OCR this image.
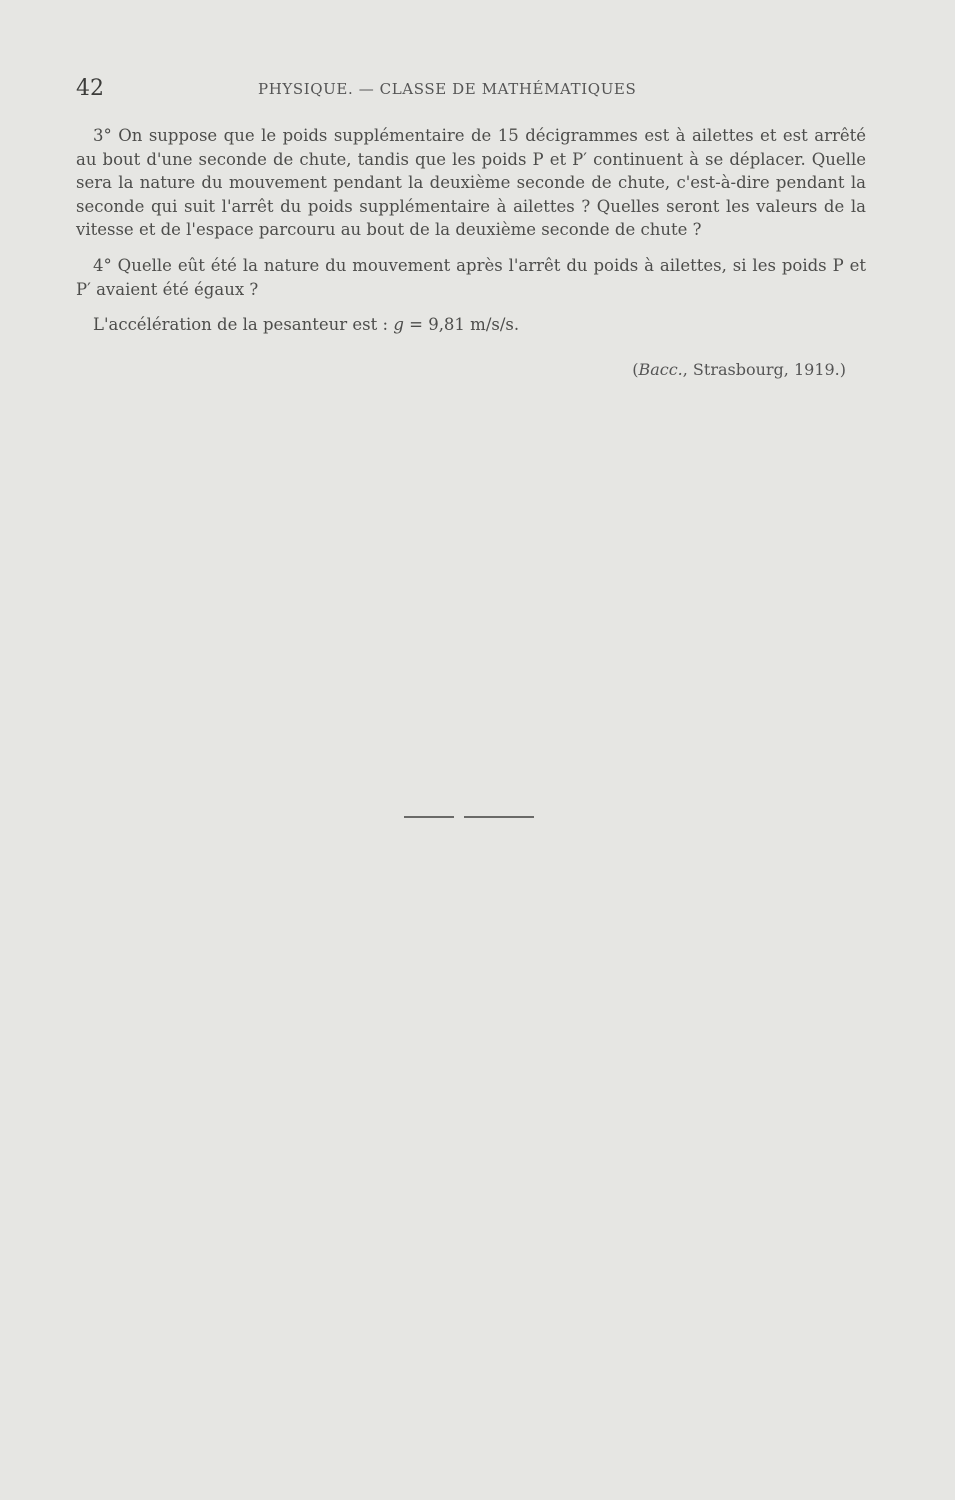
42	PHYSIQUE. — CLASSE DE MATHÉMATIQUES

3° On suppose que le poids supplémentaire de 15 décigrammes est à ailettes et est arrêté au bout d'une seconde de chute, tandis que les poids P et P′ continuent à se déplacer. Quelle sera la nature du mouvement pendant la deuxième seconde de chute, c'est-à-dire pendant la seconde qui suit l'arrêt du poids supplémentaire à ailettes ? Quelles seront les valeurs de la vitesse et de l'espace parcouru au bout de la deuxième seconde de chute ?

4° Quelle eût été la nature du mouvement après l'arrêt du poids à ailettes, si les poids P et P′ avaient été égaux ?

L'accélération de la pesanteur est : g = 9,81 m/s/s.

(Bacc., Strasbourg, 1919.)
